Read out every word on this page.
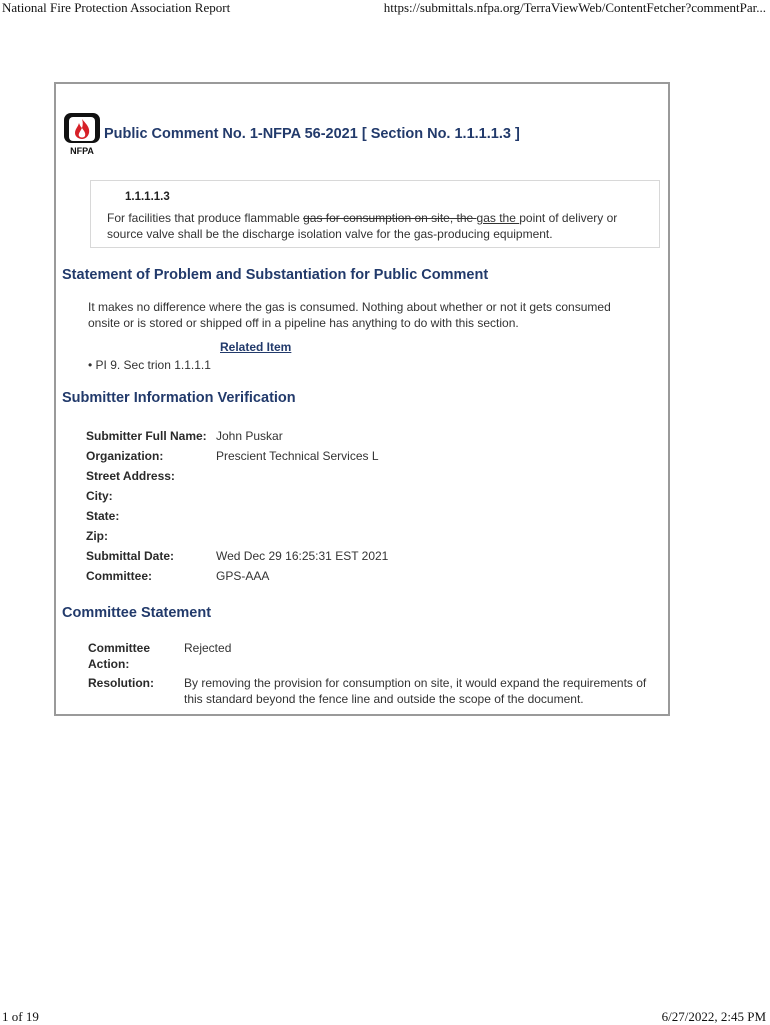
National Fire Protection Association Report	https://submittals.nfpa.org/TerraViewWeb/ContentFetcher?commentPar...
NFPA
Public Comment No. 1-NFPA 56-2021 [ Section No. 1.1.1.1.3 ]
1.1.1.1.3
For facilities that produce flammable gas for consumption on site, the gas the point of delivery or source valve shall be the discharge isolation valve for the gas-producing equipment.
Statement of Problem and Substantiation for Public Comment
It makes no difference where the gas is consumed. Nothing about whether or not it gets consumed onsite or is stored or shipped off in a pipeline has anything to do with this section.
Related Item
• PI 9. Sec trion 1.1.1.1
Submitter Information Verification
Submitter Full Name: John Puskar
Organization:	Prescient Technical Services L
Street Address:
City:
State:
Zip:
Submittal Date:	Wed Dec 29 16:25:31 EST 2021
Committee:	GPS-AAA
Committee Statement
Committee
Action:
Rejected
Resolution:	By removing the provision for consumption on site, it would expand the requirements of this standard beyond the fence line and outside the scope of the document.
1 of 19	6/27/2022, 2:45 PM
